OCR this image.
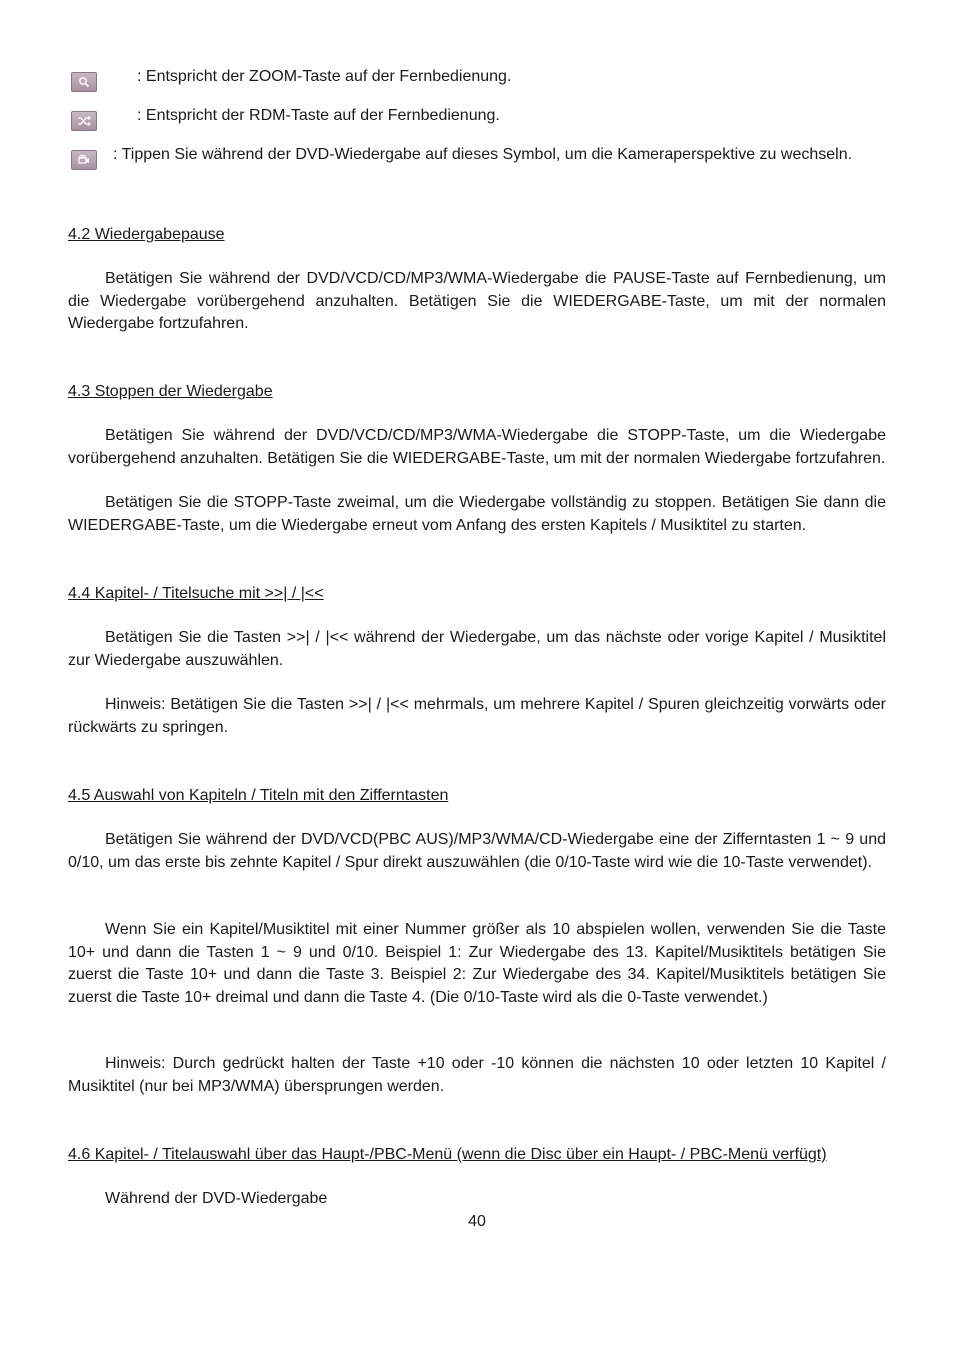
: Entspricht der ZOOM-Taste auf der Fernbedienung.
: Entspricht der RDM-Taste auf der Fernbedienung.
: Tippen Sie während der DVD-Wiedergabe auf dieses Symbol, um die Kameraperspektive zu wechseln.
4.2 Wiedergabepause

Betätigen Sie während der DVD/VCD/CD/MP3/WMA-Wiedergabe die PAUSE-Taste auf Fernbedienung, um die Wiedergabe vorübergehend anzuhalten. Betätigen Sie die WIEDERGABE-Taste, um mit der normalen Wiedergabe fortzufahren.

4.3 Stoppen der Wiedergabe

Betätigen Sie während der DVD/VCD/CD/MP3/WMA-Wiedergabe die STOPP-Taste, um die Wiedergabe vorübergehend anzuhalten. Betätigen Sie die WIEDERGABE-Taste, um mit der normalen Wiedergabe fortzufahren.

Betätigen Sie die STOPP-Taste zweimal, um die Wiedergabe vollständig zu stoppen. Betätigen Sie dann die WIEDERGABE-Taste, um die Wiedergabe erneut vom Anfang des ersten Kapitels / Musiktitel zu starten.

4.4 Kapitel- / Titelsuche mit >>| / |<<

Betätigen Sie die Tasten >>| / |<< während der Wiedergabe, um das nächste oder vorige Kapitel / Musiktitel zur Wiedergabe auszuwählen.

Hinweis: Betätigen Sie die Tasten >>| / |<< mehrmals, um mehrere Kapitel / Spuren gleichzeitig vorwärts oder rückwärts zu springen.

4.5 Auswahl von Kapiteln / Titeln mit den Zifferntasten

Betätigen Sie während der DVD/VCD(PBC AUS)/MP3/WMA/CD-Wiedergabe eine der Zifferntasten 1 ~ 9 und 0/10, um das erste bis zehnte Kapitel / Spur direkt auszuwählen (die 0/10-Taste wird wie die 10-Taste verwendet).

Wenn Sie ein Kapitel/Musiktitel mit einer Nummer größer als 10 abspielen wollen, verwenden Sie die Taste 10+ und dann die Tasten 1 ~ 9 und 0/10. Beispiel 1: Zur Wiedergabe des 13. Kapitel/Musiktitels betätigen Sie zuerst die Taste 10+ und dann die Taste 3. Beispiel 2: Zur Wiedergabe des 34. Kapitel/Musiktitels betätigen Sie zuerst die Taste 10+ dreimal und dann die Taste 4. (Die 0/10-Taste wird als die 0-Taste verwendet.)

Hinweis: Durch gedrückt halten der Taste +10 oder -10 können die nächsten 10 oder letzten 10 Kapitel / Musiktitel (nur bei MP3/WMA) übersprungen werden.

4.6 Kapitel- / Titelauswahl über das Haupt-/PBC-Menü (wenn die Disc über ein Haupt- / PBC-Menü verfügt)

Während der DVD-Wiedergabe

40
